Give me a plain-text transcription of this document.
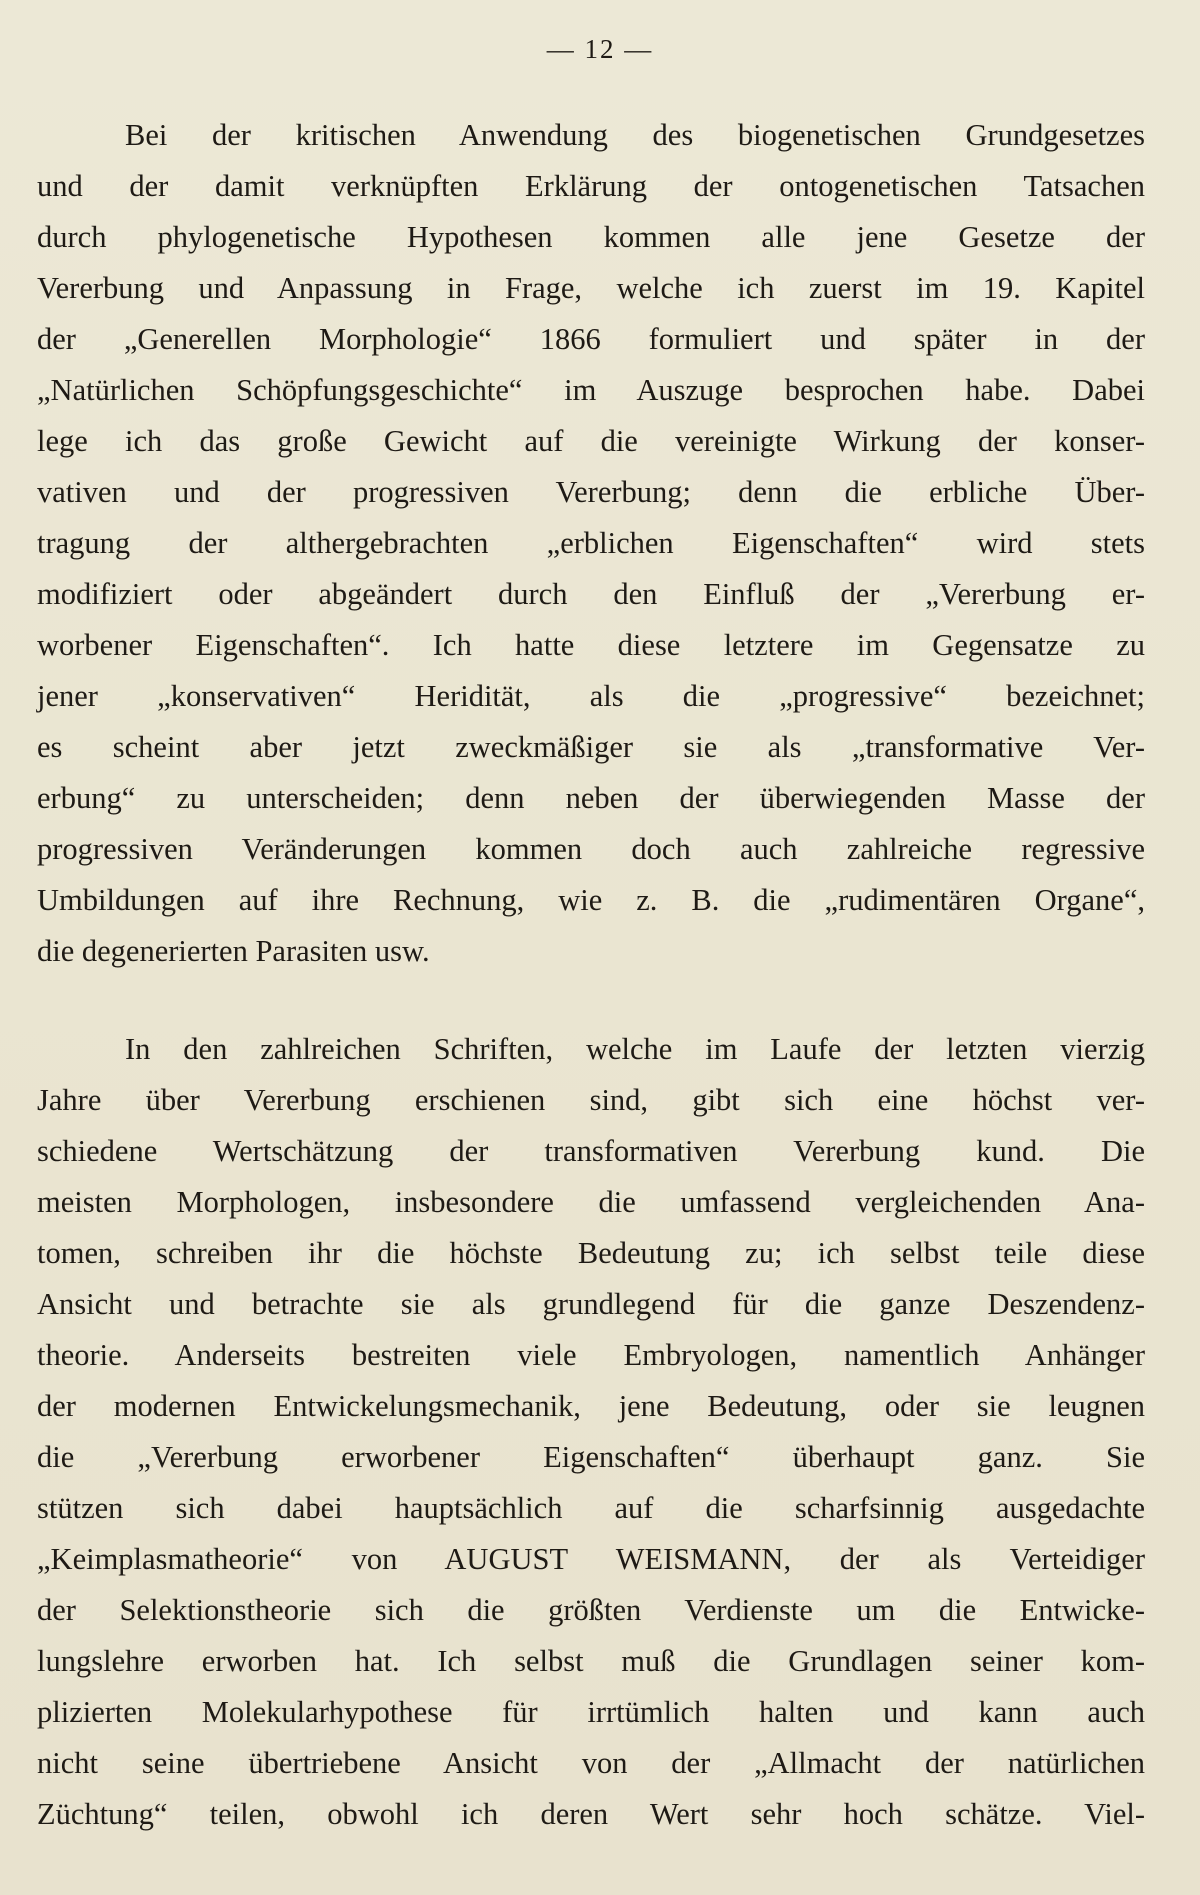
— 12 —
Bei der kritischen Anwendung des biogenetischen Grundgesetzes
und der damit verknüpften Erklärung der ontogenetischen Tatsachen
durch phylogenetische Hypothesen kommen alle jene Gesetze der
Vererbung und Anpassung in Frage, welche ich zuerst im 19. Kapitel
der „Generellen Morphologie“ 1866 formuliert und später in der
„Natürlichen Schöpfungsgeschichte“ im Auszuge besprochen habe. Dabei
lege ich das große Gewicht auf die vereinigte Wirkung der konser-
vativen und der progressiven Vererbung; denn die erbliche Über-
tragung der althergebrachten „erblichen Eigenschaften“ wird stets
modifiziert oder abgeändert durch den Einfluß der „Vererbung er-
worbener Eigenschaften“. Ich hatte diese letztere im Gegensatze zu
jener „konservativen“ Heridität, als die „progressive“ bezeichnet;
es scheint aber jetzt zweckmäßiger sie als „transformative Ver-
erbung“ zu unterscheiden; denn neben der überwiegenden Masse der
progressiven Veränderungen kommen doch auch zahlreiche regressive
Umbildungen auf ihre Rechnung, wie z. B. die „rudimentären Organe“,
die degenerierten Parasiten usw.
In den zahlreichen Schriften, welche im Laufe der letzten vierzig
Jahre über Vererbung erschienen sind, gibt sich eine höchst ver-
schiedene Wertschätzung der transformativen Vererbung kund. Die
meisten Morphologen, insbesondere die umfassend vergleichenden Ana-
tomen, schreiben ihr die höchste Bedeutung zu; ich selbst teile diese
Ansicht und betrachte sie als grundlegend für die ganze Deszendenz-
theorie. Anderseits bestreiten viele Embryologen, namentlich Anhänger
der modernen Entwickelungsmechanik, jene Bedeutung, oder sie leugnen
die „Vererbung erworbener Eigenschaften“ überhaupt ganz. Sie
stützen sich dabei hauptsächlich auf die scharfsinnig ausgedachte
„Keimplasmatheorie“ von AUGUST WEISMANN, der als Verteidiger
der Selektionstheorie sich die größten Verdienste um die Entwicke-
lungslehre erworben hat. Ich selbst muß die Grundlagen seiner kom-
plizierten Molekularhypothese für irrtümlich halten und kann auch
nicht seine übertriebene Ansicht von der „Allmacht der natürlichen
Züchtung“ teilen, obwohl ich deren Wert sehr hoch schätze. Viel-
